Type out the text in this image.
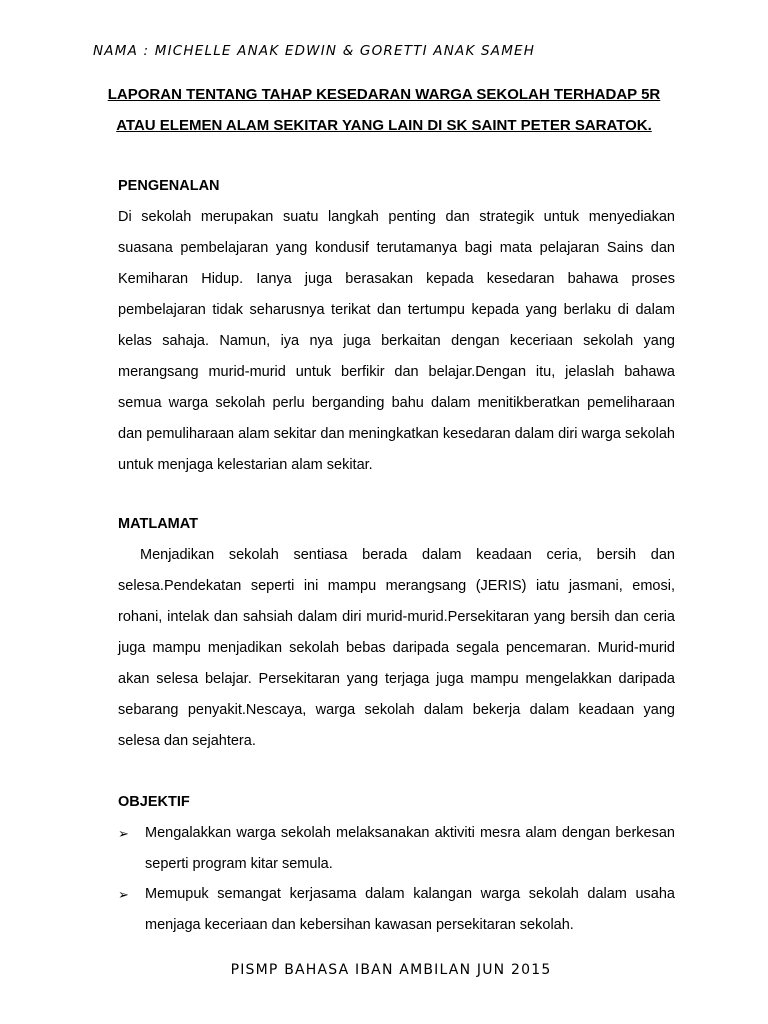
NAMA : MICHELLE ANAK EDWIN & GORETTI ANAK SAMEH
LAPORAN TENTANG TAHAP KESEDARAN WARGA SEKOLAH TERHADAP 5R
ATAU ELEMEN ALAM SEKITAR YANG LAIN DI SK SAINT PETER SARATOK.
PENGENALAN

Di sekolah merupakan suatu langkah penting dan strategik untuk menyediakan suasana pembelajaran yang kondusif terutamanya bagi mata pelajaran Sains dan Kemiharan Hidup. Ianya juga berasakan kepada kesedaran bahawa proses pembelajaran tidak seharusnya terikat dan tertumpu kepada yang berlaku di dalam kelas sahaja. Namun, iya nya juga berkaitan dengan keceriaan sekolah yang merangsang murid-murid untuk berfikir dan belajar.Dengan itu, jelaslah bahawa semua warga sekolah perlu berganding bahu dalam menitikberatkan pemeliharaan dan pemuliharaan alam sekitar dan meningkatkan kesedaran dalam diri warga sekolah untuk menjaga kelestarian alam sekitar.

MATLAMAT

Menjadikan sekolah sentiasa berada dalam keadaan ceria, bersih dan selesa.Pendekatan seperti ini mampu merangsang (JERIS) iatu jasmani, emosi, rohani, intelak dan sahsiah dalam diri murid-murid.Persekitaran yang bersih dan ceria juga mampu menjadikan sekolah bebas daripada segala pencemaran. Murid-murid akan selesa belajar. Persekitaran yang terjaga juga mampu mengelakkan daripada sebarang penyakit.Nescaya, warga sekolah dalam bekerja dalam keadaan yang selesa dan sejahtera.

OBJEKTIF
➢ Mengalakkan warga sekolah melaksanakan aktiviti mesra alam dengan berkesan seperti program kitar semula.

➢ Memupuk semangat kerjasama dalam kalangan warga sekolah dalam usaha menjaga keceriaan dan kebersihan kawasan persekitaran sekolah.

PISMP BAHASA IBAN AMBILAN JUN 2015
